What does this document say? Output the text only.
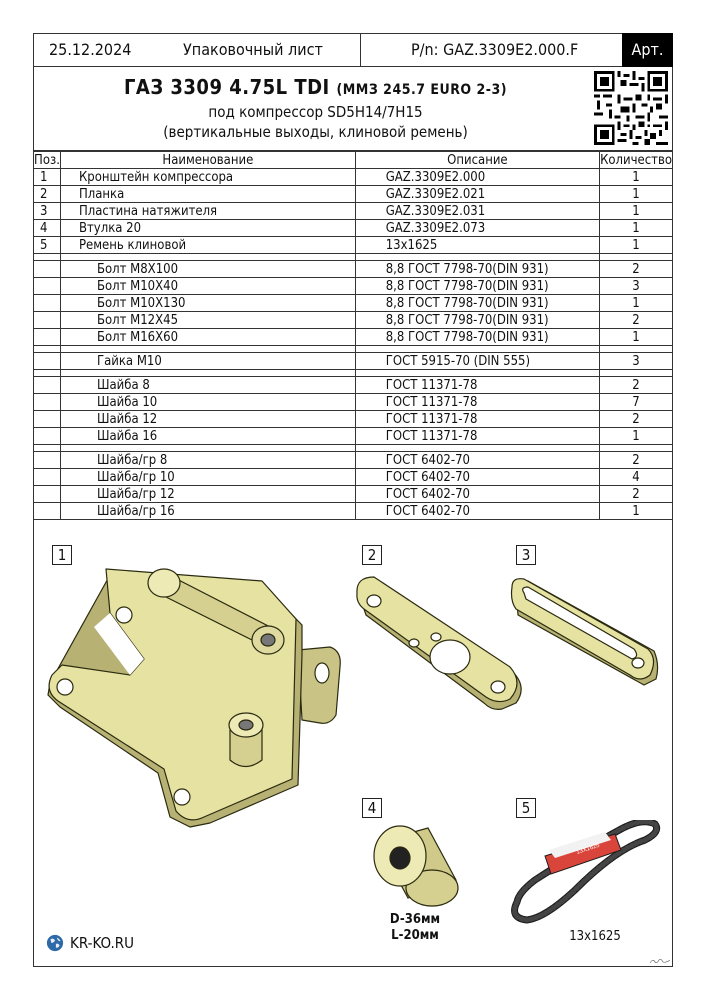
25.12.2024	Упаковочный лист	P/n: GAZ.3309E2.000.F	Арт.
ГАЗ 3309 4.75L TDI (ММЗ 245.7 EURO 2-3)
под компрессор SD5H14/7H15
(вертикальные выходы, клиновой ремень)
Поз.	Наименование	Описание	Количество
1	Кронштейн компрессора	GAZ.3309E2.000	1
2	Планка	GAZ.3309E2.021	1
3	Пластина натяжителя	GAZ.3309E2.031	1
4	Втулка 20	GAZ.3309E2.073	1
5	Ремень клиновой	13x1625	1

	Болт М8Х100	8,8 ГОСТ 7798-70(DIN 931)	2
	Болт М10Х40	8,8 ГОСТ 7798-70(DIN 931)	3
	Болт М10Х130	8,8 ГОСТ 7798-70(DIN 931)	1
	Болт М12Х45	8,8 ГОСТ 7798-70(DIN 931)	2
	Болт М16Х60	8,8 ГОСТ 7798-70(DIN 931)	1

	Гайка М10	ГОСТ 5915-70 (DIN 555)	3

	Шайба 8	ГОСТ 11371-78	2
	Шайба 10	ГОСТ 11371-78	7
	Шайба 12	ГОСТ 11371-78	2
	Шайба 16	ГОСТ 11371-78	1

	Шайба/гр 8	ГОСТ 6402-70	2
	Шайба/гр 10	ГОСТ 6402-70	4
	Шайба/гр 12	ГОСТ 6402-70	2
	Шайба/гр 16	ГОСТ 6402-70	1
1	2	3
4	5
13X1625
D-36мм
L-20мм	13x1625
KR-KO.RU
